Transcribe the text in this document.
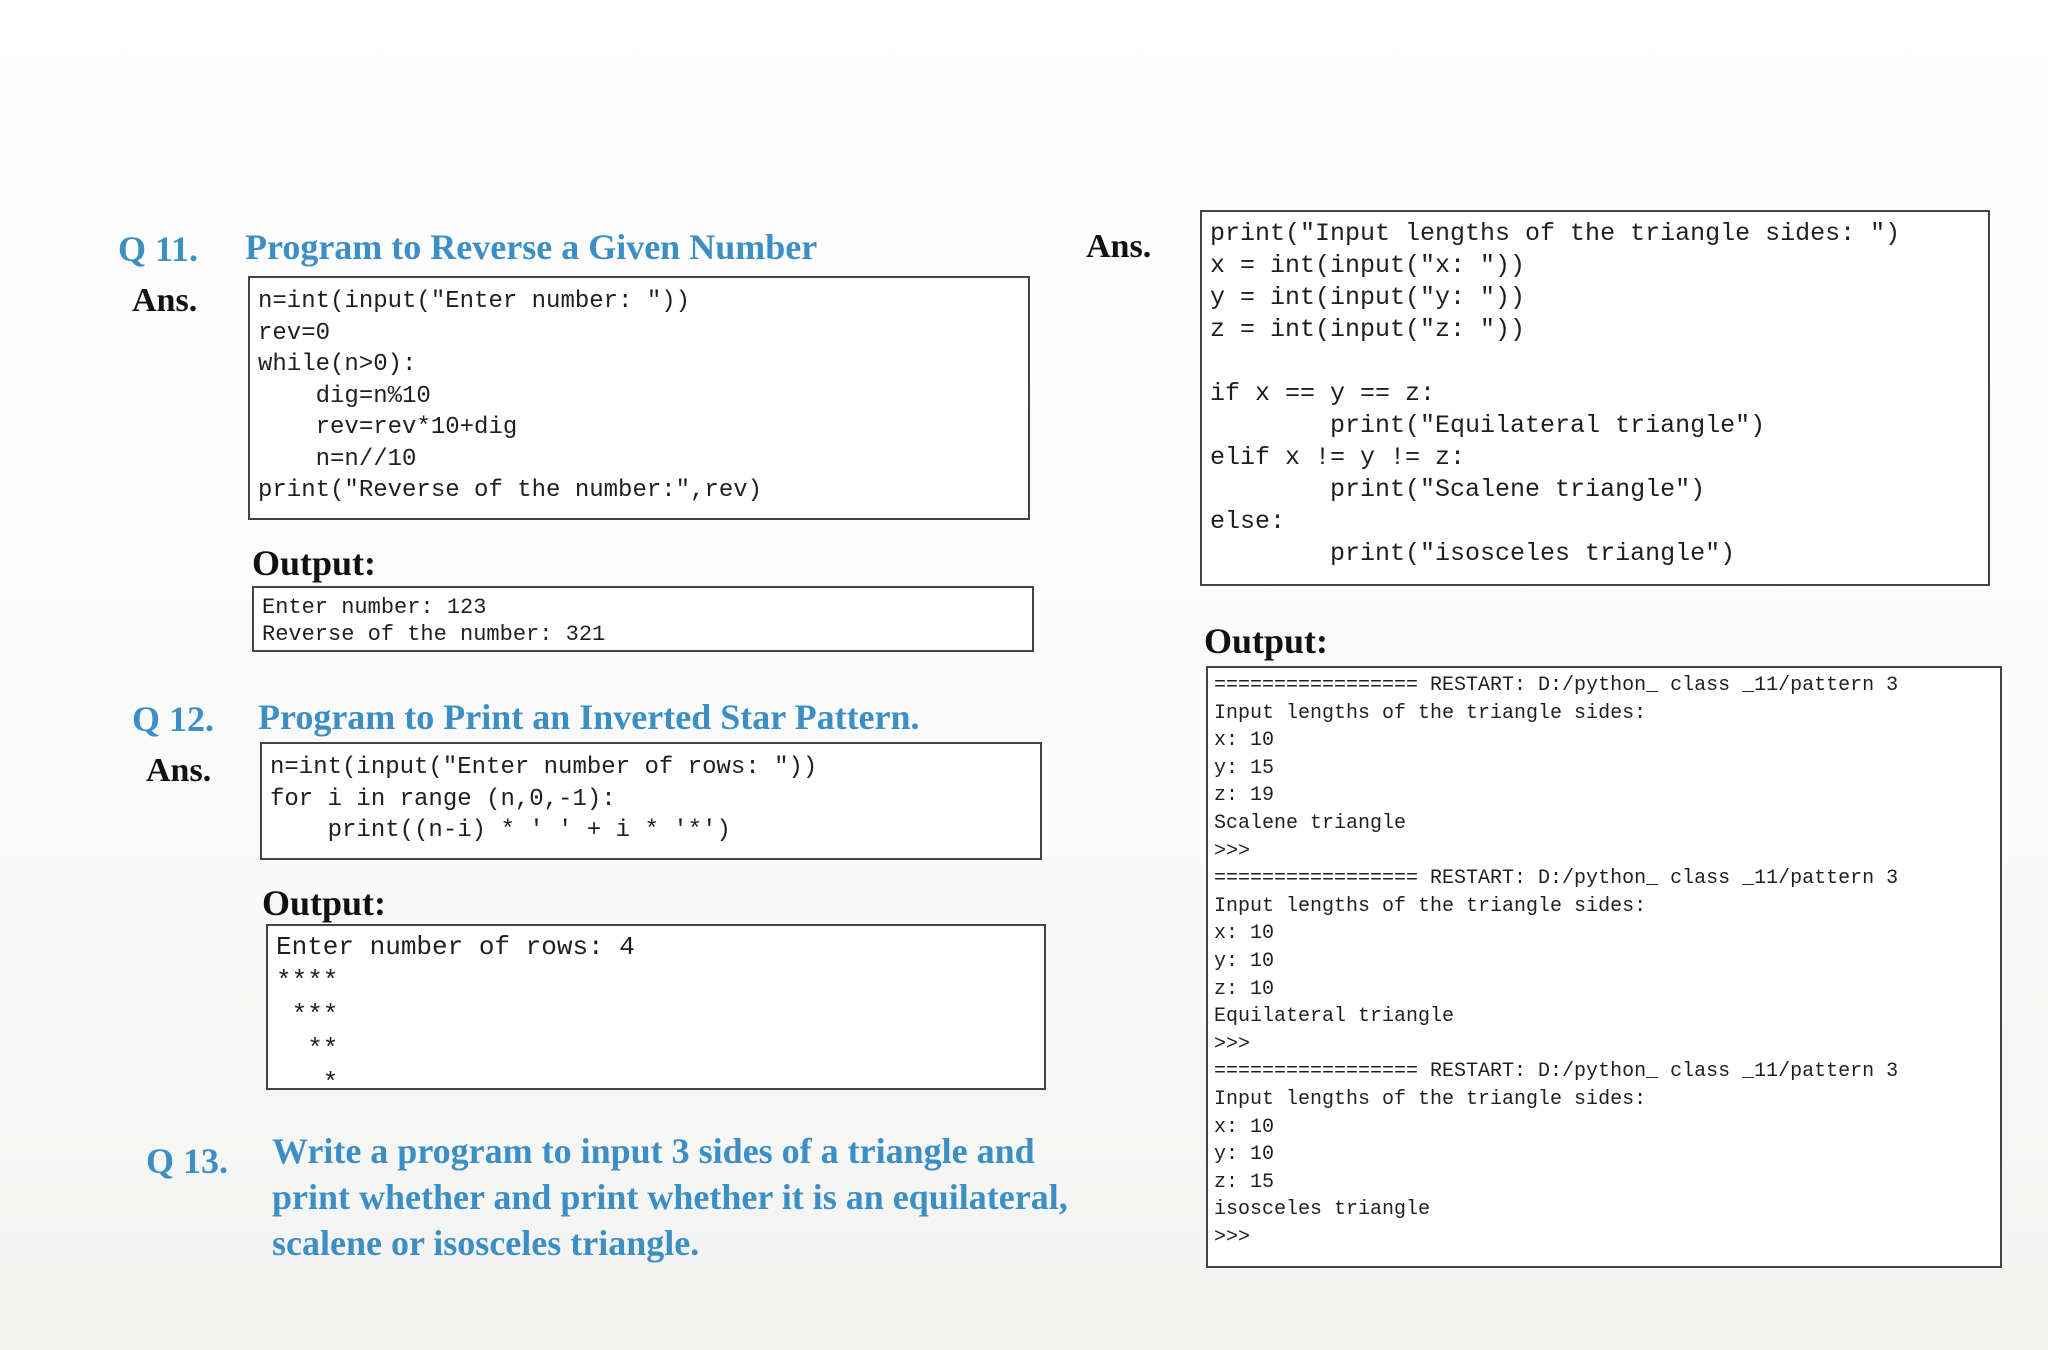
Q 11. Program to Reverse a Given Number
Ans.	n=int(input("Enter number: "))
rev=0
while(n>0):
dig=n%10
rev=rev*10+dig
n=n//10
print("Reverse of the number:",rev)
Output:
Enter number: 123
Reverse of the number: 321
Q 12. Program to Print an Inverted Star Pattern.
Ans. n=int(input("Enter number of rows: "))
for i in range (n,0,-1):
print((n-i) * ' ' + i * '*')
Output:
Enter number of rows: 4
****
***
**
*
Q 13. Write a program to input 3 sides of a triangle and
print whether and print whether it is an equilateral,
scalene or isosceles triangle.
Ans. print("Input lengths of the triangle sides: ")
x = int(input("x: "))
y = int(input("y: "))
z = int(input("z: "))

if x == y == z:
print("Equilateral triangle")
elif x != y != z:
print("Scalene triangle")
else:
print("isosceles triangle")
Output:
================= RESTART: D:/python_ class _11/pattern 3
Input lengths of the triangle sides:
x: 10
y: 15
z: 19
Scalene triangle
>>>
================= RESTART: D:/python_ class _11/pattern 3
Input lengths of the triangle sides:
x: 10
y: 10
z: 10
Equilateral triangle
>>>
================= RESTART: D:/python_ class _11/pattern 3
Input lengths of the triangle sides:
x: 10
y: 10
z: 15
isosceles triangle
>>>
